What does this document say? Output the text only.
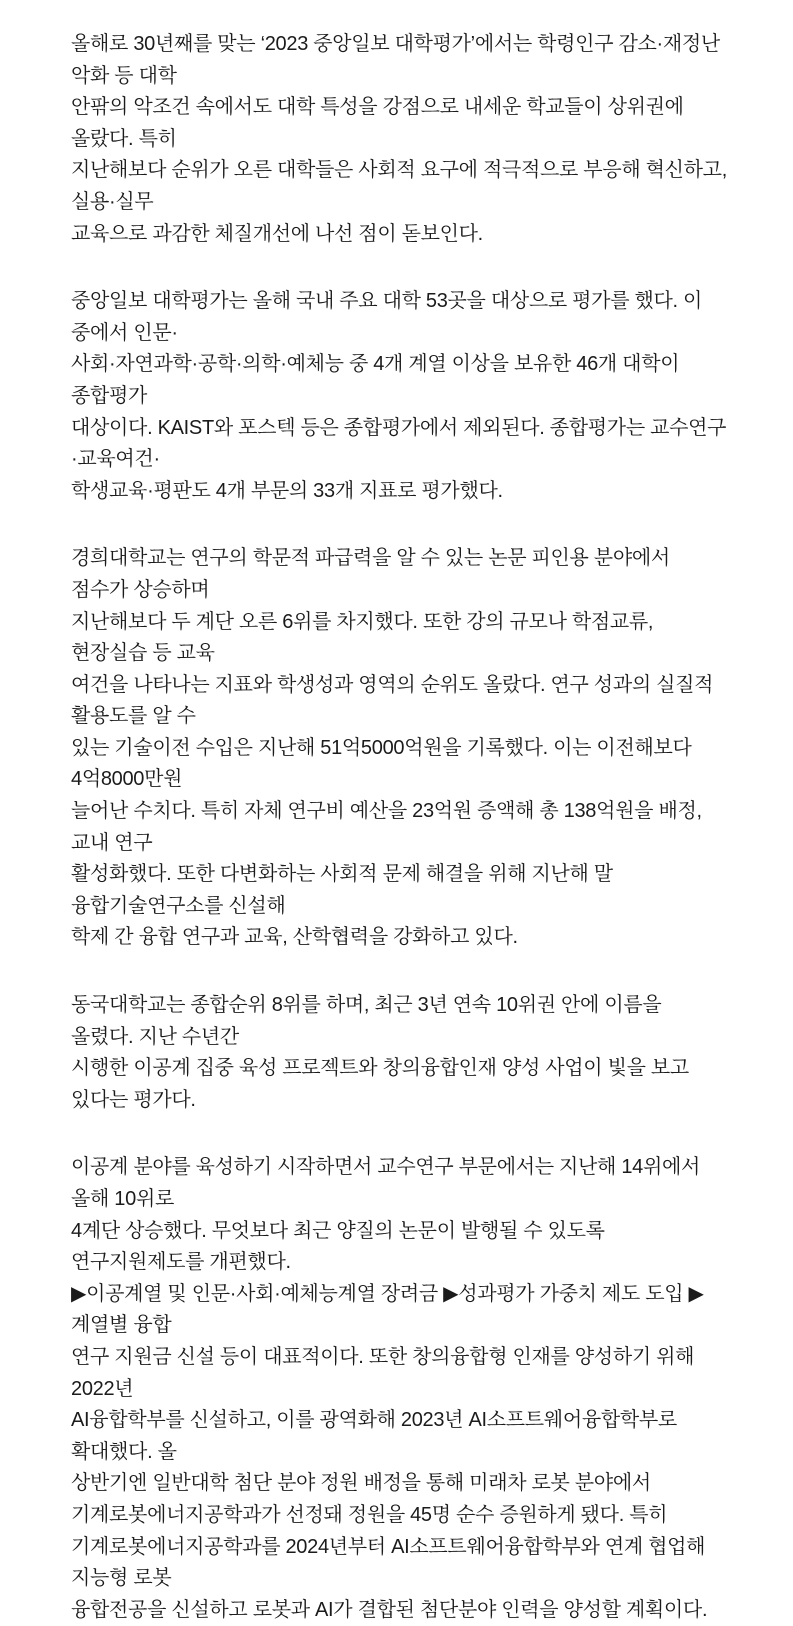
올해로 30년째를 맞는 ‘2023 중앙일보 대학평가’에서는 학령인구 감소·재정난 악화 등 대학
안팎의 악조건 속에서도 대학 특성을 강점으로 내세운 학교들이 상위권에 올랐다. 특히
지난해보다 순위가 오른 대학들은 사회적 요구에 적극적으로 부응해 혁신하고, 실용·실무
교육으로 과감한 체질개선에 나선 점이 돋보인다.

중앙일보 대학평가는 올해 국내 주요 대학 53곳을 대상으로 평가를 했다. 이 중에서 인문·
사회·자연과학·공학·의학·예체능 중 4개 계열 이상을 보유한 46개 대학이 종합평가
대상이다. KAIST와 포스텍 등은 종합평가에서 제외된다. 종합평가는 교수연구·교육여건·
학생교육·평판도 4개 부문의 33개 지표로 평가했다.

경희대학교는 연구의 학문적 파급력을 알 수 있는 논문 피인용 분야에서 점수가 상승하며
지난해보다 두 계단 오른 6위를 차지했다. 또한 강의 규모나 학점교류, 현장실습 등 교육
여건을 나타나는 지표와 학생성과 영역의 순위도 올랐다. 연구 성과의 실질적 활용도를 알 수
있는 기술이전 수입은 지난해 51억5000억원을 기록했다. 이는 이전해보다 4억8000만원
늘어난 수치다. 특히 자체 연구비 예산을 23억원 증액해 총 138억원을 배정, 교내 연구
활성화했다. 또한 다변화하는 사회적 문제 해결을 위해 지난해 말 융합기술연구소를 신설해
학제 간 융합 연구과 교육, 산학협력을 강화하고 있다.

동국대학교는 종합순위 8위를 하며, 최근 3년 연속 10위권 안에 이름을 올렸다. 지난 수년간
시행한 이공계 집중 육성 프로젝트와 창의융합인재 양성 사업이 빛을 보고 있다는 평가다.

이공계 분야를 육성하기 시작하면서 교수연구 부문에서는 지난해 14위에서 올해 10위로
4계단 상승했다. 무엇보다 최근 양질의 논문이 발행될 수 있도록 연구지원제도를 개편했다.
▶이공계열 및 인문·사회·예체능계열 장려금 ▶성과평가 가중치 제도 도입 ▶계열별 융합
연구 지원금 신설 등이 대표적이다. 또한 창의융합형 인재를 양성하기 위해 2022년
AI융합학부를 신설하고, 이를 광역화해 2023년 AI소프트웨어융합학부로 확대했다. 올
상반기엔 일반대학 첨단 분야 정원 배정을 통해 미래차 로봇 분야에서
기계로봇에너지공학과가 선정돼 정원을 45명 순수 증원하게 됐다. 특히
기계로봇에너지공학과를 2024년부터 AI소프트웨어융합학부와 연계 협업해 지능형 로봇
융합전공을 신설하고 로봇과 AI가 결합된 첨단분야 인력을 양성할 계획이다.
